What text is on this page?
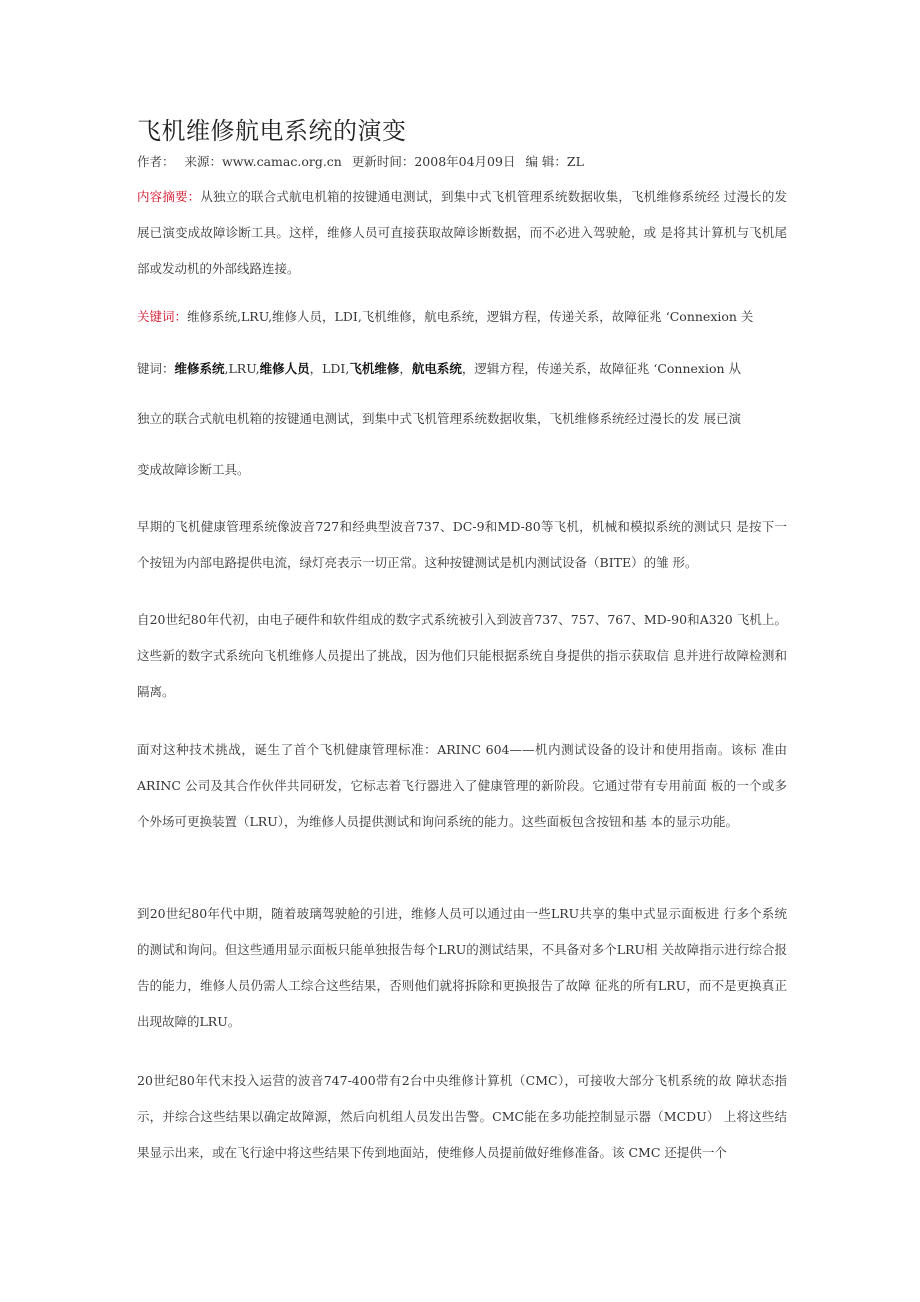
飞机维修航电系统的演变
作者： 来源：www.camac.org.cn 更新时间：2008年04月09日 编 辑：ZL
内容摘要：从独立的联合式航电机箱的按键通电测试，到集中式飞机管理系统数据收集，飞机维修系统经 过漫长的发展已演变成故障诊断工具。这样，维修人员可直接获取故障诊断数据，而不必进入驾驶舱，或 是将其计算机与飞机尾部或发动机的外部线路连接。
关键词：维修系统,LRU,维修人员，LDI,飞机维修，航电系统，逻辑方程，传递关系，故障征兆 ‘Connexion 关
键词：维修系统,LRU,维修人员，LDI,飞机维修，航电系统，逻辑方程，传递关系，故障征兆 ‘Connexion 从
独立的联合式航电机箱的按键通电测试，到集中式飞机管理系统数据收集，飞机维修系统经过漫长的发 展已演
变成故障诊断工具。
早期的飞机健康管理系统像波音727和经典型波音737、DC-9和MD-80等飞机，机械和模拟系统的测试只 是按下一个按钮为内部电路提供电流，绿灯亮表示一切正常。这种按键测试是机内测试设备（BITE）的雏 形。
自20世纪80年代初，由电子硬件和软件组成的数字式系统被引入到波音737、757、767、MD-90和A320 飞机上。这些新的数字式系统向飞机维修人员提出了挑战，因为他们只能根据系统自身提供的指示获取信 息并进行故障检测和隔离。
面对这种技术挑战，诞生了首个飞机健康管理标准：ARINC 604——机内测试设备的设计和使用指南。该标 准由 ARINC 公司及其合作伙伴共同研发，它标志着飞行器进入了健康管理的新阶段。它通过带有专用前面 板的一个或多个外场可更换装置（LRU），为维修人员提供测试和询问系统的能力。这些面板包含按钮和基 本的显示功能。
到20世纪80年代中期，随着玻璃驾驶舱的引进，维修人员可以通过由一些LRU共享的集中式显示面板进 行多个系统的测试和询问。但这些通用显示面板只能单独报告每个LRU的测试结果，不具备对多个LRU相 关故障指示进行综合报告的能力，维修人员仍需人工综合这些结果，否则他们就将拆除和更换报告了故障 征兆的所有LRU，而不是更换真正出现故障的LRU。
20世纪80年代末投入运营的波音747-400带有2台中央维修计算机（CMC），可接收大部分飞机系统的故 障状态指示，并综合这些结果以确定故障源，然后向机组人员发出告警。CMC能在多功能控制显示器（MCDU） 上将这些结果显示出来，或在飞行途中将这些结果下传到地面站，使维修人员提前做好维修准备。该 CMC 还提供一个
